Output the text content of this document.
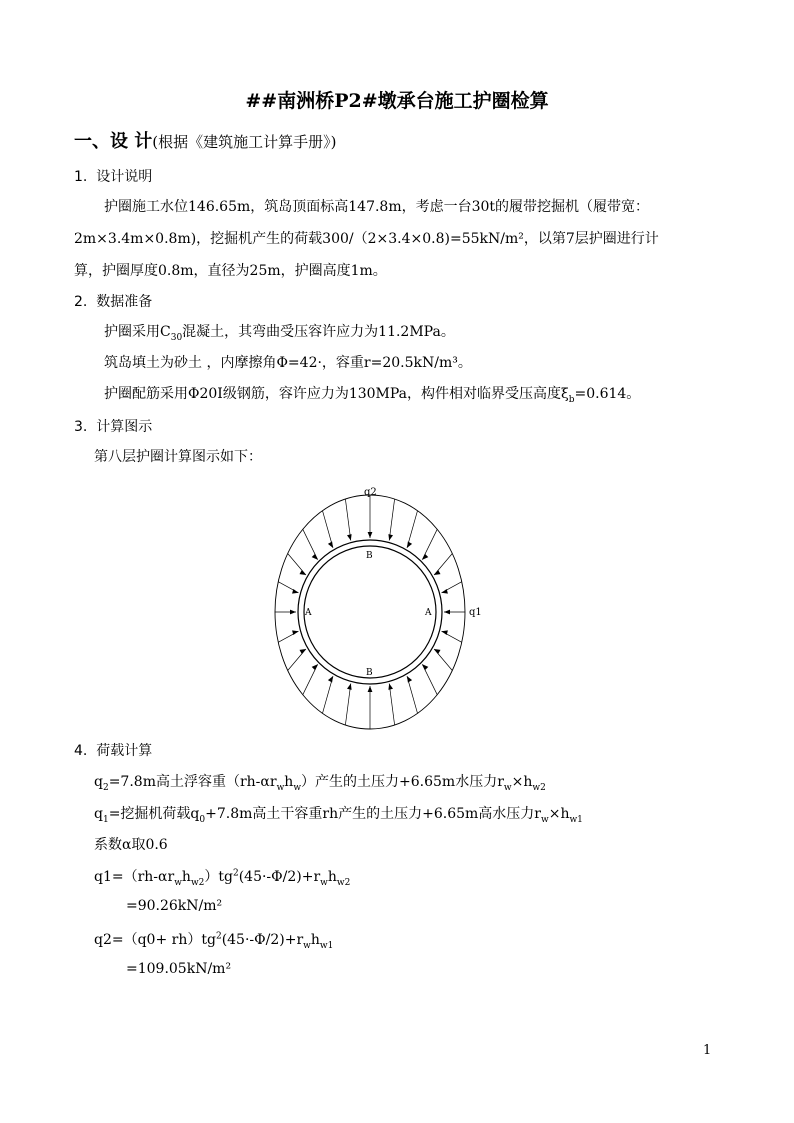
##南洲桥P2#墩承台施工护圈检算
一、设 计(根据《建筑施工计算手册》)
1. 设计说明
护圈施工水位146.65m，筑岛顶面标高147.8m，考虑一台30t的履带挖掘机（履带宽：
2m×3.4m×0.8m)，挖掘机产生的荷载300/（2×3.4×0.8)=55kN/m²，以第7层护圈进行计
算，护圈厚度0.8m，直径为25m，护圈高度1m。
2. 数据准备
护圈采用$C_{30}$混凝土，其弯曲受压容许应力为11.2MPa。
筑岛填土为砂土 ，内摩擦角Φ=42·，容重r=20.5kN/m³。
护圈配筋采用Φ20Ⅰ级钢筋，容许应力为130MPa，构件相对临界受压高度$\xi_b=0.614$。
3. 计算图示
第八层护圈计算图示如下：
q2
q1
A	A
B
B
4. 荷载计算
$q_2=7.8m$高土浮容重$(rh-\alpha r_wh_w)$产生的土压力+6.65m水压力$r_w\times h_{w2}$
$q_1=$挖掘机荷载$q_0+7.8m$高土干容重rh产生的土压力+6.65m高水压力$r_w\times h_{w1}$
系数α取0.6
$q1=(rh-\alpha r_wh_{w2})tg^2(45\cdot-\Phi/2)+r_wh_{w2}$
=90.26kN/m²
$q2=(q0+ rh)tg^2(45\cdot-\Phi/2)+r_wh_{w1}$
=109.05kN/m²
1
